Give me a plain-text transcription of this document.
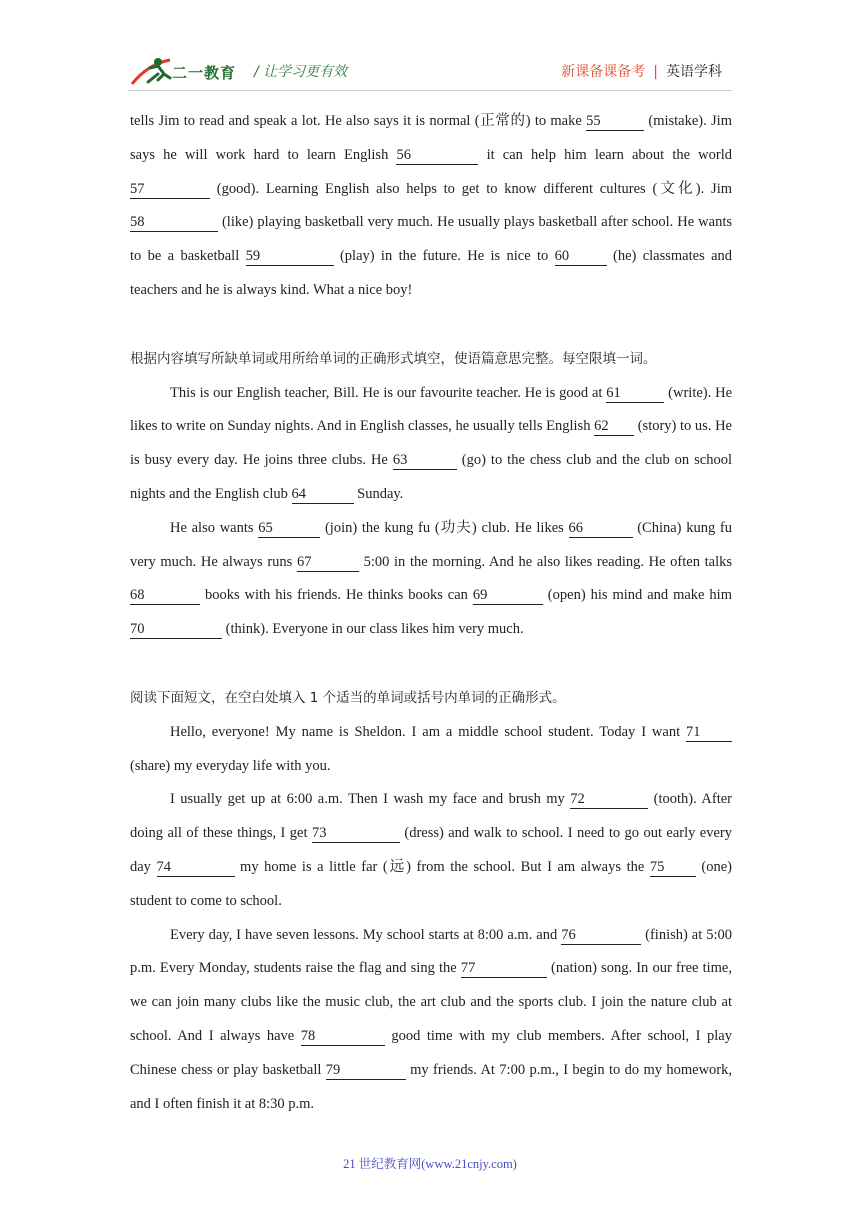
二一教育 / 让学习更有效	新课备课备考 | 英语学科

tells Jim to read and speak a lot. He also says it is normal (正常的) to make 55	(mistake). Jim says he will work hard to learn English 56	it can help him learn about the world 57	(good). Learning English also helps to get to know different cultures (文化). Jim 58	(like) playing basketball very much. He usually plays basketball after school. He wants to be a basketball 59	(play) in the future. He is nice to 60	(he) classmates and teachers and he is always kind. What a nice boy!

根据内容填写所缺单词或用所给单词的正确形式填空，使语篇意思完整。每空限填一词。

This is our English teacher, Bill. He is our favourite teacher. He is good at 61	(write). He likes to write on Sunday nights. And in English classes, he usually tells English 62 (story) to us. He is busy every day. He joins three clubs. He 63	(go) to the chess club and the club on school nights and the English club 64	Sunday.

He also wants 65	(join) the kung fu (功夫) club. He likes 66	(China) kung fu very much. He always runs 67	5:00 in the morning. And he also likes reading. He often talks 68	books with his friends. He thinks books can 69	(open) his mind and make him 70	(think). Everyone in our class likes him very much.

阅读下面短文，在空白处填入 1 个适当的单词或括号内单词的正确形式。

Hello, everyone! My name is Sheldon. I am a middle school student. Today I want 71 (share) my everyday life with you.

I usually get up at 6:00 a.m. Then I wash my face and brush my 72	(tooth). After doing all of these things, I get 73	(dress) and walk to school. I need to go out early every day 74	my home is a little far (远) from the school. But I am always the 75 (one) student to come to school.

Every day, I have seven lessons. My school starts at 8:00 a.m. and 76	(finish) at 5:00 p.m. Every Monday, students raise the flag and sing the 77	(nation) song. In our free time, we can join many clubs like the music club, the art club and the sports club. I join the nature club at school. And I always have 78	good time with my club members. After school, I play Chinese chess or play basketball 79	my friends. At 7:00 p.m., I begin to do my homework, and I often finish it at 8:30 p.m.

21 世纪教育网(www.21cnjy.com)
